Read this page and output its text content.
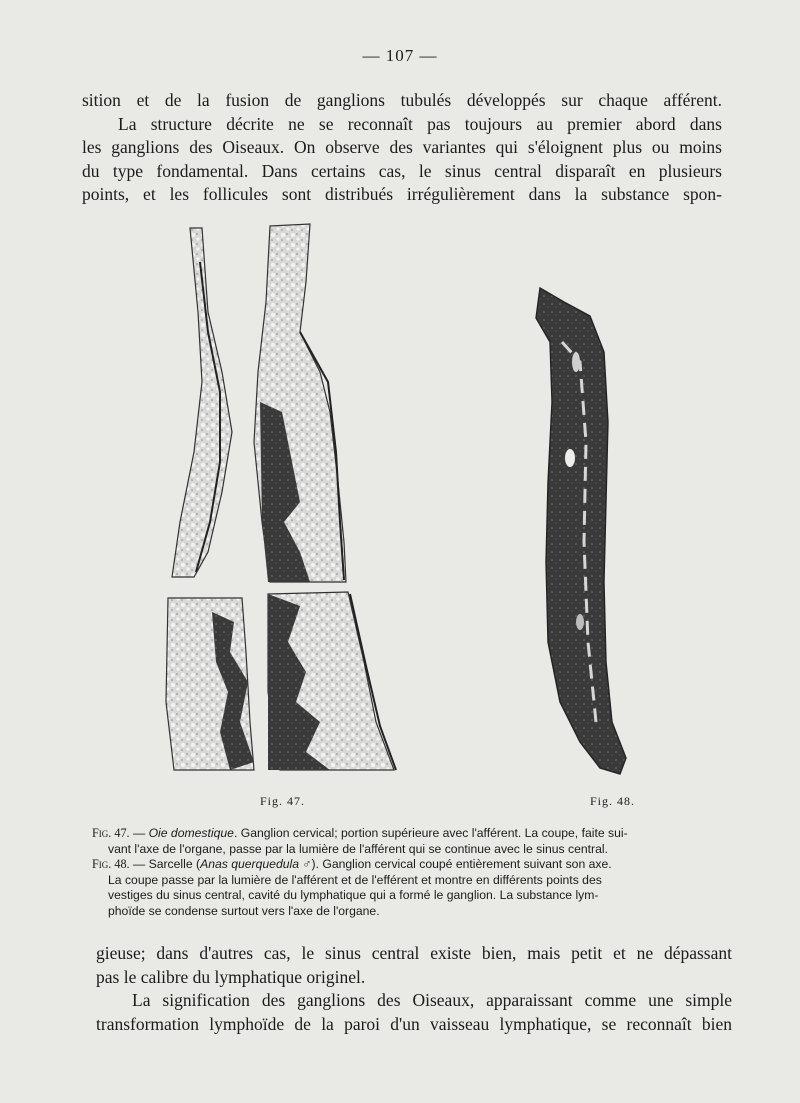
— 107 —
sition et de la fusion de ganglions tubulés développés sur chaque afférent.
La structure décrite ne se reconnaît pas toujours au premier abord dans
les ganglions des Oiseaux. On observe des variantes qui s'éloignent plus ou moins
du type fondamental. Dans certains cas, le sinus central disparaît en plusieurs
points, et les follicules sont distribués irrégulièrement dans la substance spon-
Fig. 47.	Fig. 48.
Fig. 47. — Oie domestique. Ganglion cervical; portion supérieure avec l'afférent. La coupe, faite sui-
vant l'axe de l'organe, passe par la lumière de l'afférent qui se continue avec le sinus central.
Fig. 48. — Sarcelle (Anas querquedula ♂). Ganglion cervical coupé entièrement suivant son axe.
La coupe passe par la lumière de l'afférent et de l'efférent et montre en différents points des
vestiges du sinus central, cavité du lymphatique qui a formé le ganglion. La substance lym-
phoïde se condense surtout vers l'axe de l'organe.
gieuse; dans d'autres cas, le sinus central existe bien, mais petit et ne dépassant
pas le calibre du lymphatique originel.
La signification des ganglions des Oiseaux, apparaissant comme une simple
transformation lymphoïde de la paroi d'un vaisseau lymphatique, se reconnaît bien
